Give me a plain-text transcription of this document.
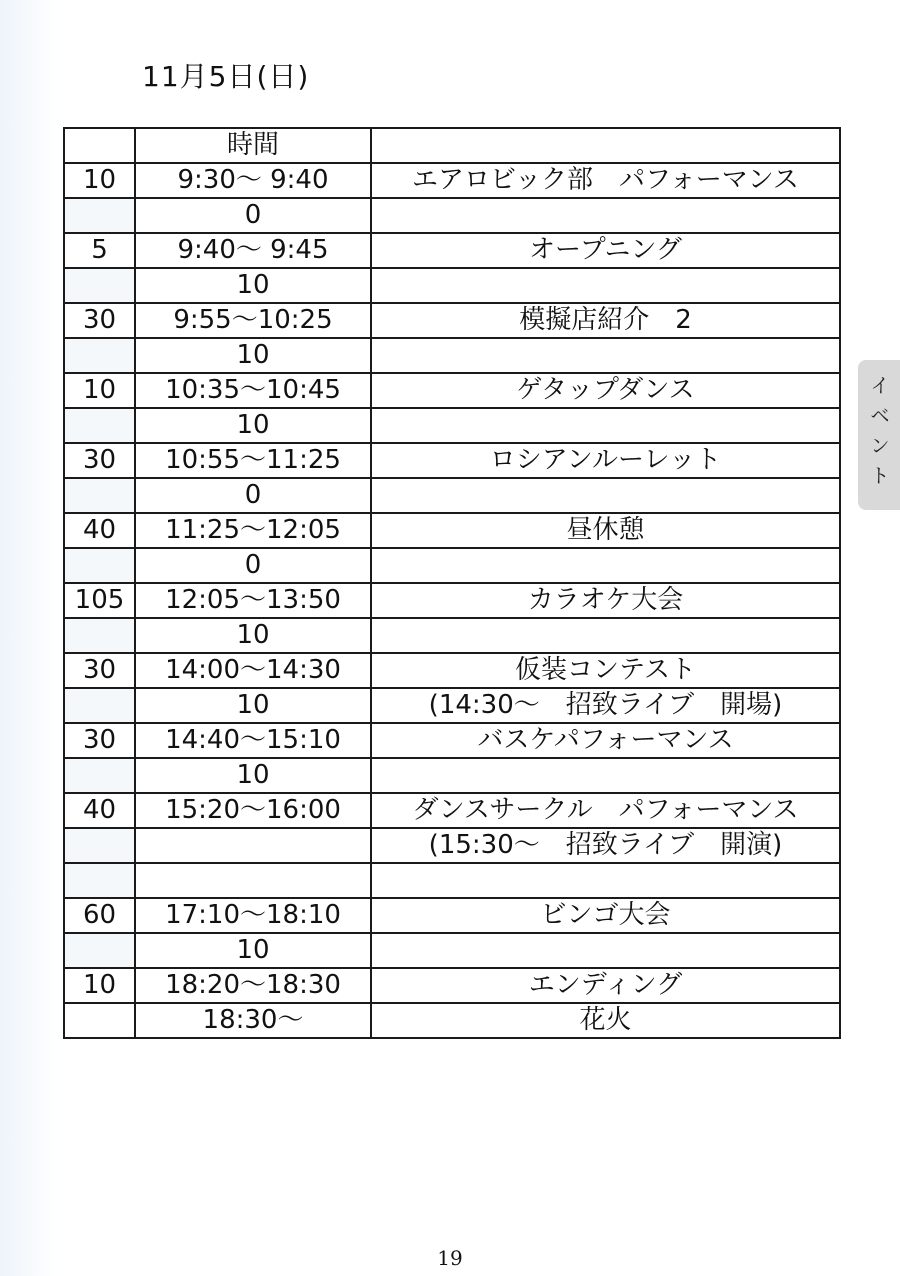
11月5日(日)
	時間	
10	9:30〜 9:40	エアロビック部　パフォーマンス
	0	
5	9:40〜 9:45	オープニング
	10	
30	9:55〜10:25	模擬店紹介　2
	10	
10	10:35〜10:45	ゲタップダンス
	10	
30	10:55〜11:25	ロシアンルーレット
	0	
40	11:25〜12:05	昼休憩
	0	
105	12:05〜13:50	カラオケ大会
	10	
30	14:00〜14:30	仮装コンテスト
	10	(14:30〜　招致ライブ　開場)
30	14:40〜15:10	バスケパフォーマンス
	10	
40	15:20〜16:00	ダンスサークル　パフォーマンス
		(15:30〜　招致ライブ　開演)

60	17:10〜18:10	ビンゴ大会
	10	
10	18:20〜18:30	エンディング
	18:30〜	花火
イベント
19
